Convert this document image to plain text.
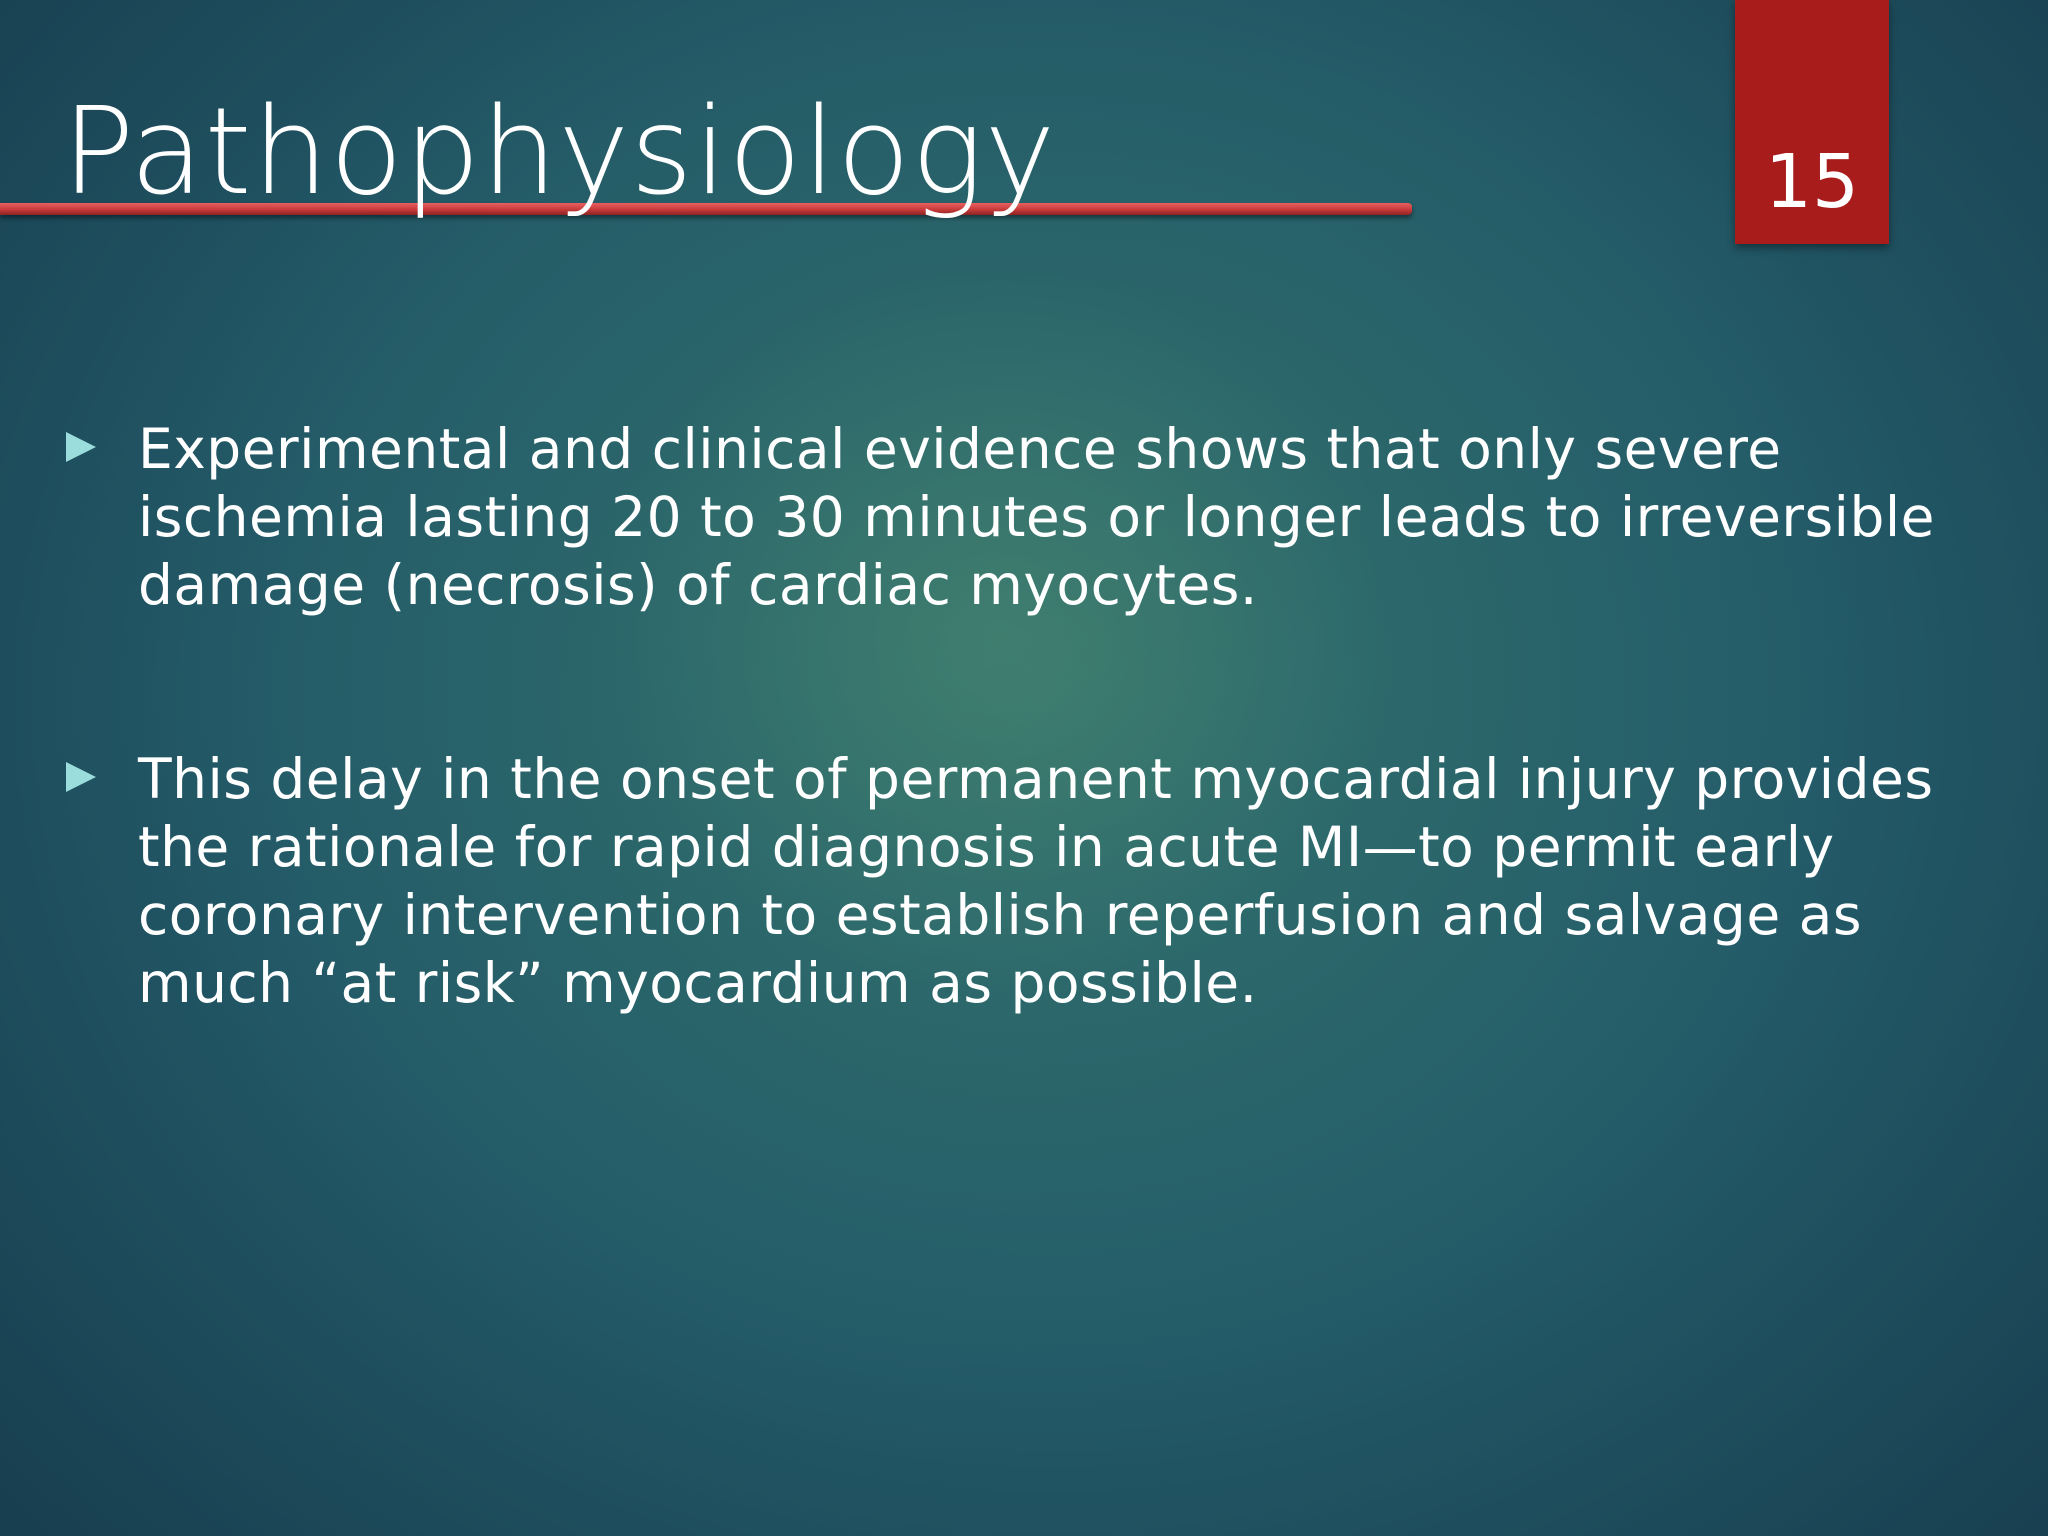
Pathophysiology	15
Experimental and clinical evidence shows that only severe
ischemia lasting 20 to 30 minutes or longer leads to irreversible
damage (necrosis) of cardiac myocytes.
This delay in the onset of permanent myocardial injury provides
the rationale for rapid diagnosis in acute MI—to permit early
coronary intervention to establish reperfusion and salvage as
much “at risk” myocardium as possible.
